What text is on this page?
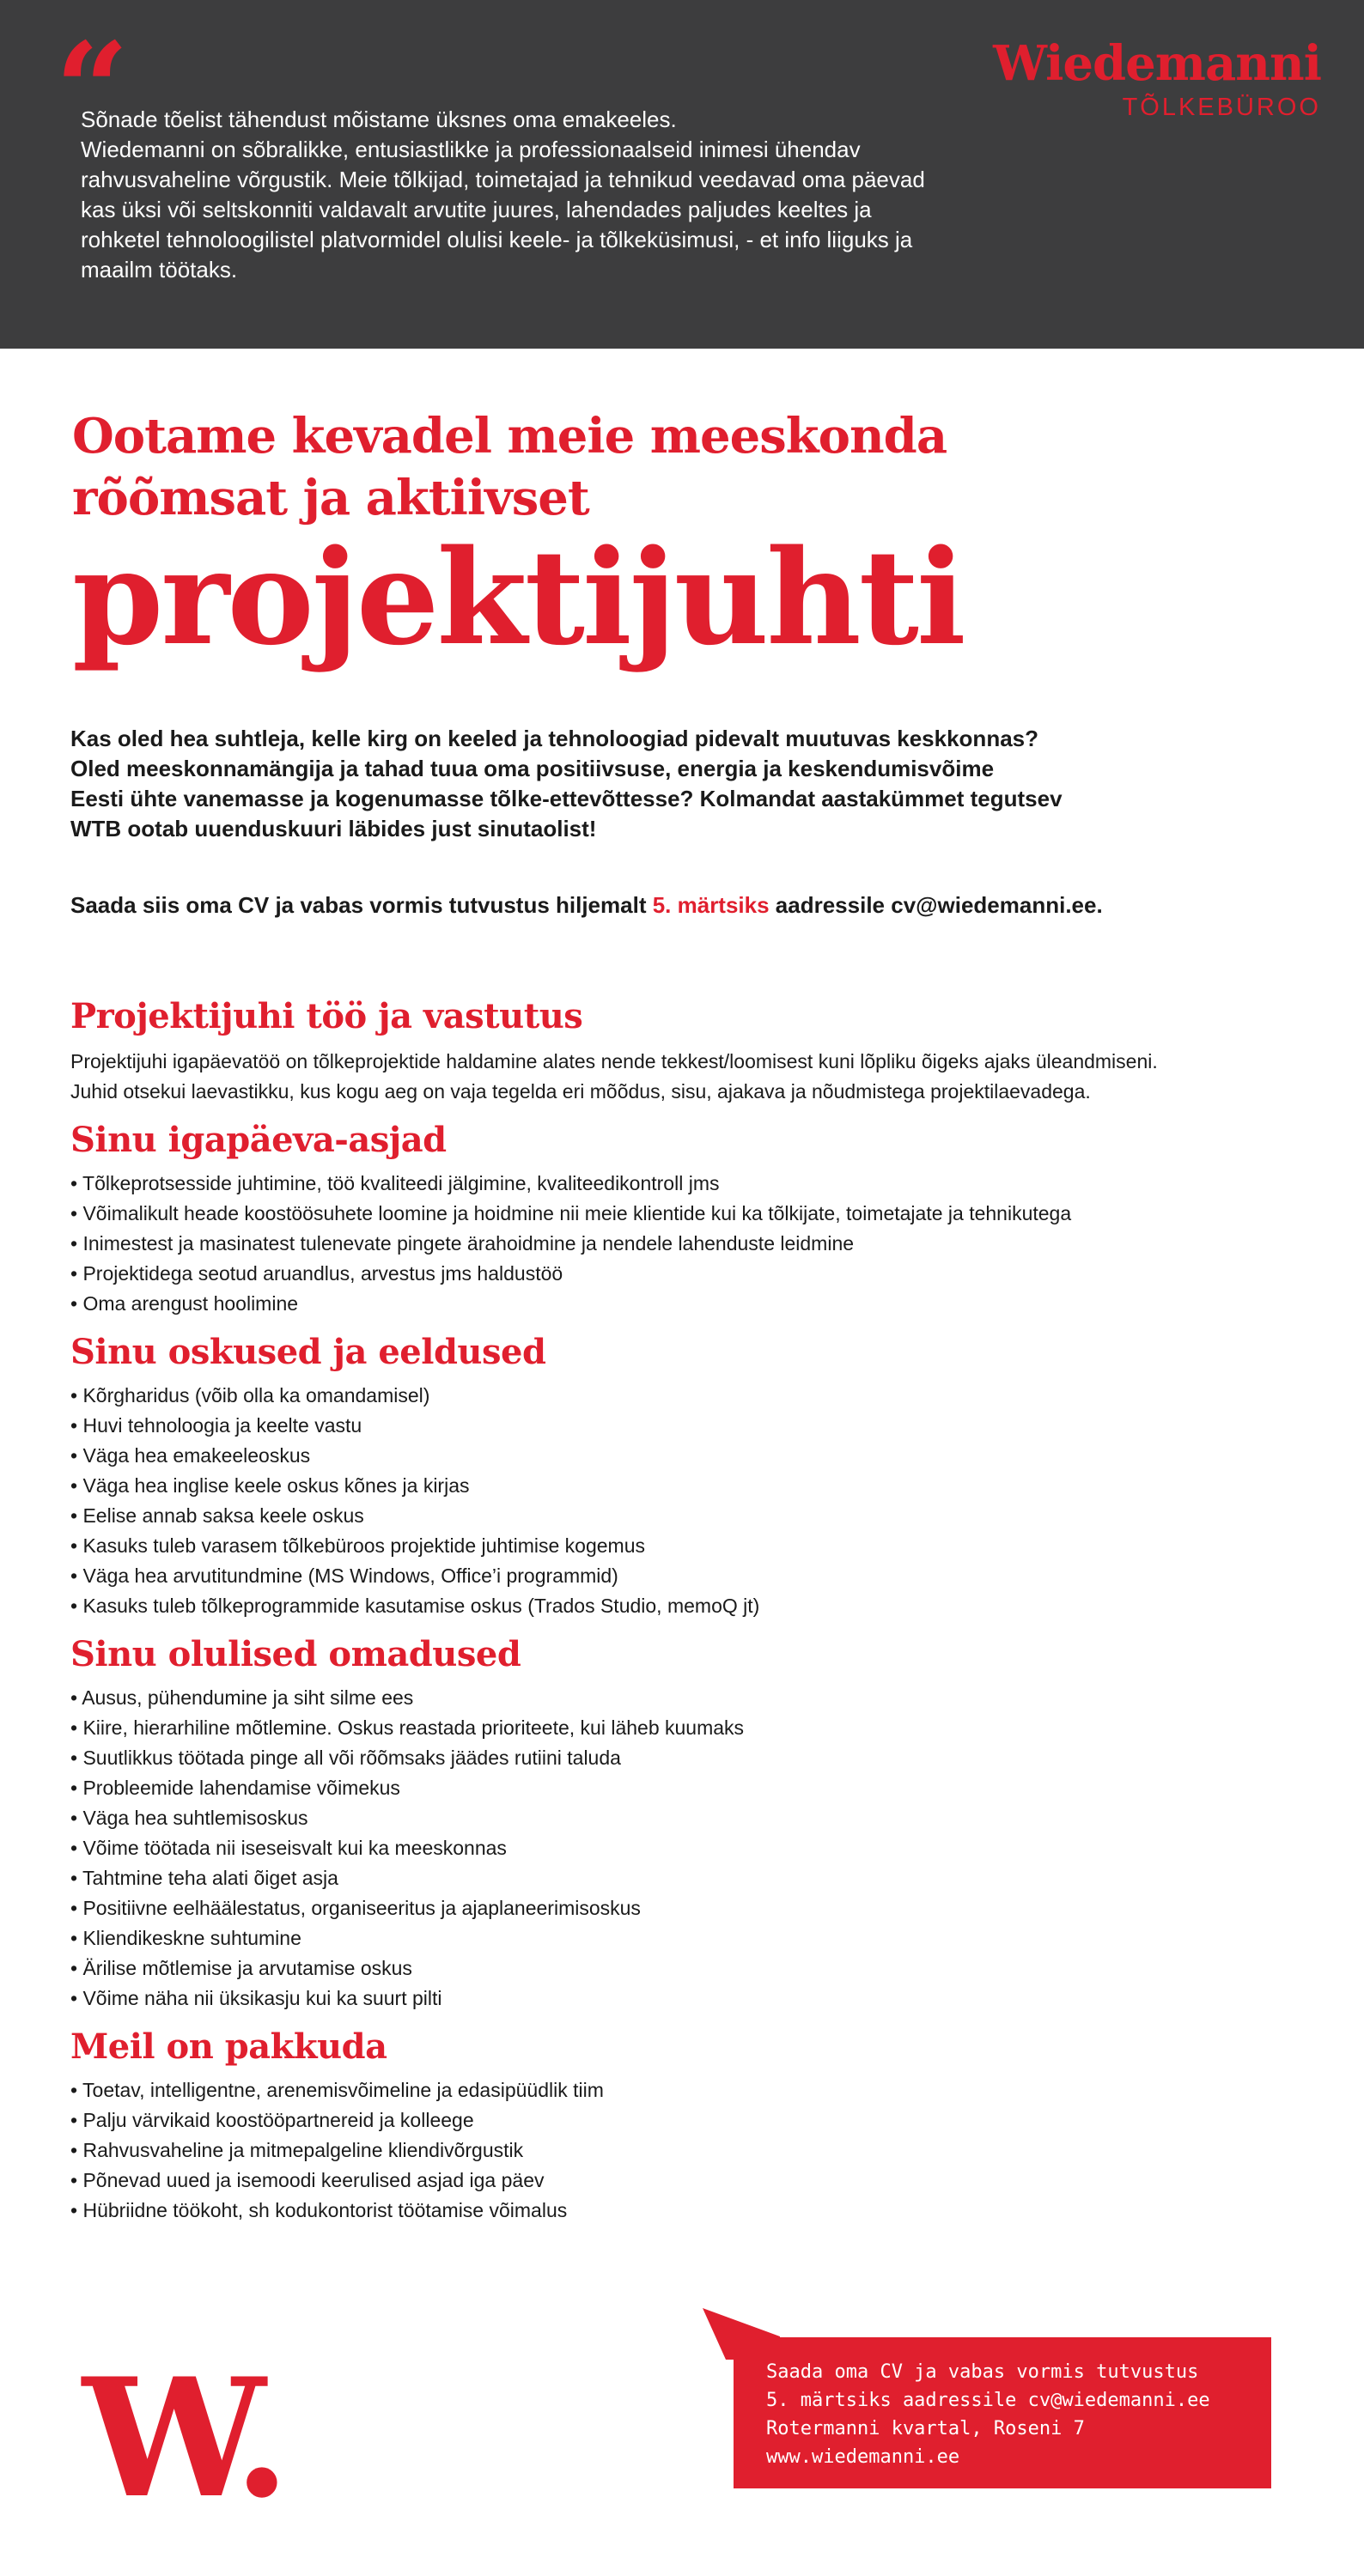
“

Sõnade tõelist tähendust mõistame üksnes oma emakeeles.

Wiedemanni on sõbralikke, entusiastlikke ja professionaalseid inimesi ühendav

rahvusvaheline võrgustik. Meie tõlkijad, toimetajad ja tehnikud veedavad oma päevad

kas üksi või seltskonniti valdavalt arvutite juures, lahendades paljudes keeltes ja

rohketel tehnoloogilistel platvormidel olulisi keele- ja tõlkeküsimusi, - et info liiguks ja

maailm töötaks.

Wiedemanni
TÕLKEBÜROO
Ootame kevadel meie meeskonda
rõõmsat ja aktiivset
projektijuhti

Kas oled hea suhtleja, kelle kirg on keeled ja tehnoloogiad pidevalt muutuvas keskkonnas?

Oled meeskonnamängija ja tahad tuua oma positiivsuse, energia ja keskendumisvõime

Eesti ühte vanemasse ja kogenumasse tõlke-ettevõttesse? Kolmandat aastakümmet tegutsev

WTB ootab uuenduskuuri läbides just sinutaolist!

Saada siis oma CV ja vabas vormis tutvustus hiljemalt 5. märtsiks aadressile cv@wiedemanni.ee.
Projektijuhi töö ja vastutus
Projektijuhi igapäevatöö on tõlkeprojektide haldamine alates nende tekkest/loomisest kuni lõpliku õigeks ajaks üleandmiseni.
Juhid otsekui laevastikku, kus kogu aeg on vaja tegelda eri mõõdus, sisu, ajakava ja nõudmistega projektilaevadega.
Sinu igapäeva-asjad
• Tõlkeprotsesside juhtimine, töö kvaliteedi jälgimine, kvaliteedikontroll jms
• Võimalikult heade koostöösuhete loomine ja hoidmine nii meie klientide kui ka tõlkijate, toimetajate ja tehnikutega
• Inimestest ja masinatest tulenevate pingete ärahoidmine ja nendele lahenduste leidmine
• Projektidega seotud aruandlus, arvestus jms haldustöö
• Oma arengust hoolimine
Sinu oskused ja eeldused
• Kõrgharidus (võib olla ka omandamisel)
• Huvi tehnoloogia ja keelte vastu
• Väga hea emakeeleoskus
• Väga hea inglise keele oskus kõnes ja kirjas
• Eelise annab saksa keele oskus
• Kasuks tuleb varasem tõlkebüroos projektide juhtimise kogemus
• Väga hea arvutitundmine (MS Windows, Office’i programmid)
• Kasuks tuleb tõlkeprogrammide kasutamise oskus (Trados Studio, memoQ jt)
Sinu olulised omadused
• Ausus, pühendumine ja siht silme ees
• Kiire, hierarhiline mõtlemine. Oskus reastada prioriteete, kui läheb kuumaks
• Suutlikkus töötada pinge all või rõõmsaks jäädes rutiini taluda
• Probleemide lahendamise võimekus
• Väga hea suhtlemisoskus
• Võime töötada nii iseseisvalt kui ka meeskonnas
• Tahtmine teha alati õiget asja
• Positiivne eelhäälestatus, organiseeritus ja ajaplaneerimisoskus
• Kliendikeskne suhtumine
• Ärilise mõtlemise ja arvutamise oskus
• Võime näha nii üksikasju kui ka suurt pilti
Meil on pakkuda
• Toetav, intelligentne, arenemisvõimeline ja edasipüüdlik tiim
• Palju värvikaid koostööpartnereid ja kolleege
• Rahvusvaheline ja mitmepalgeline kliendivõrgustik
• Põnevad uued ja isemoodi keerulised asjad iga päev
• Hübriidne töökoht, sh kodukontorist töötamise võimalus
W.	Saada oma CV ja vabas vormis tutvustus
5. märtsiks aadressile cv@wiedemanni.ee
Rotermanni kvartal, Roseni 7
www.wiedemanni.ee
